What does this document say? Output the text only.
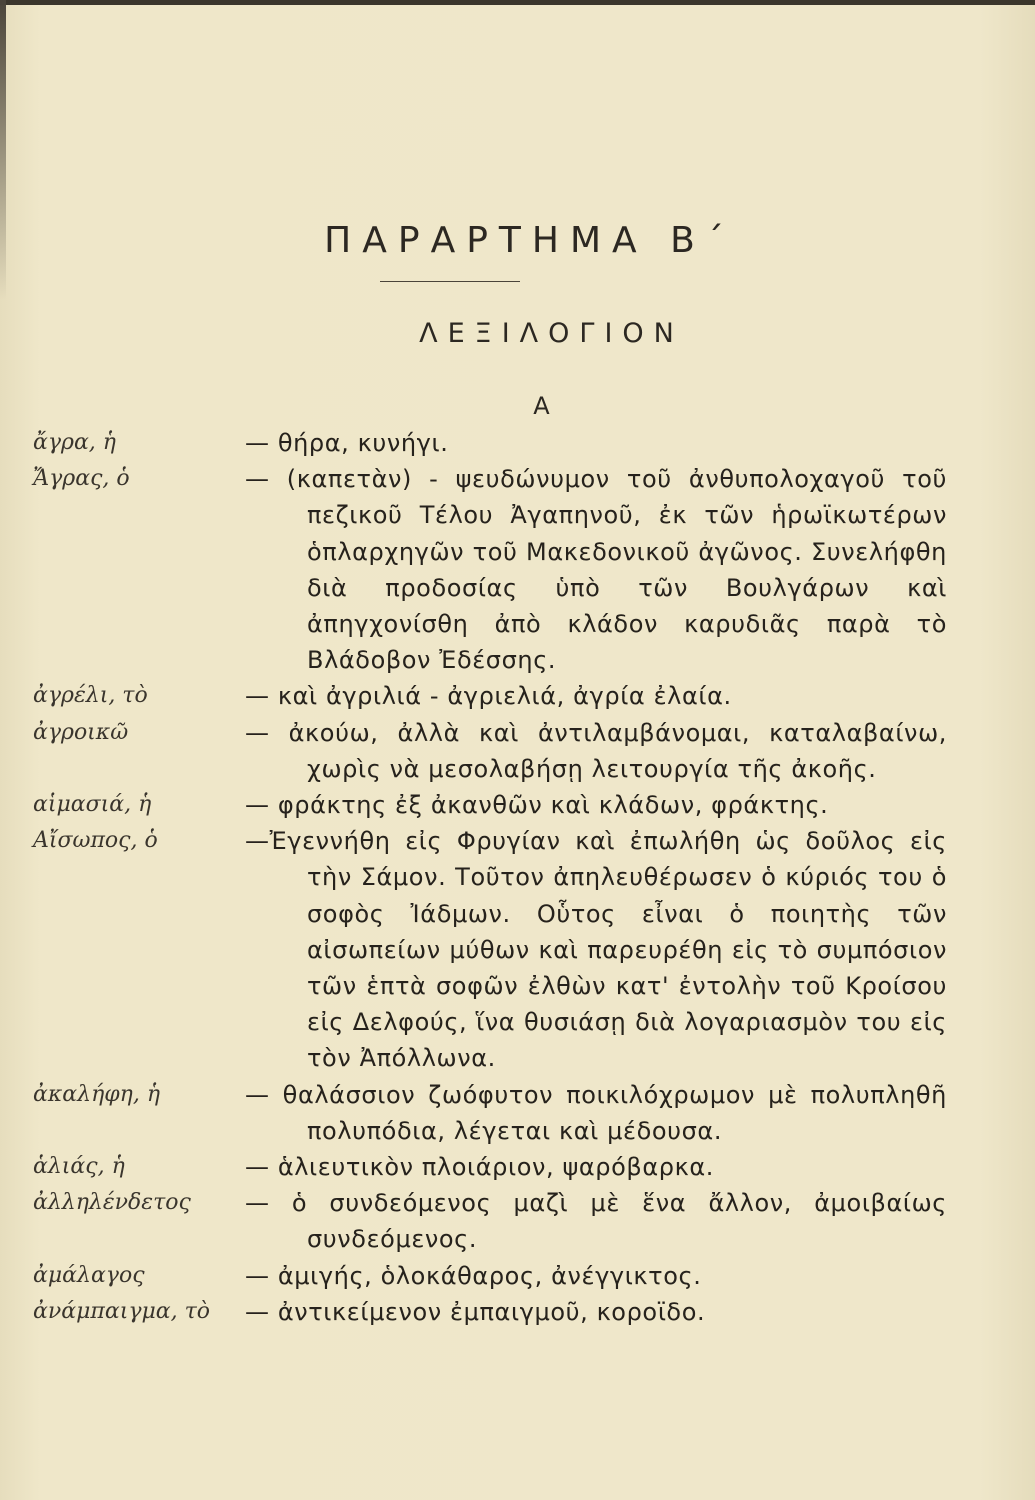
ΠΑΡΑΡΤΗΜΑ Β΄
ΛΕΞΙΛΟΓΙΟΝ
Α
ἄγρα, ἡ	— θήρα, κυνήγι.
Ἄγρας, ὁ	— (καπετὰν) - ψευδώνυμον τοῦ ἀνθυπολοχαγοῦ τοῦ πεζικοῦ Τέλου Ἀγαπηνοῦ, ἐκ τῶν ἡρωϊκωτέρων ὁπλαρχηγῶν τοῦ Μακεδονικοῦ ἀγῶνος. Συνελήφθη διὰ προδοσίας ὑπὸ τῶν Βουλγάρων καὶ ἀπηγχονίσθη ἀπὸ κλάδον καρυδιᾶς παρὰ τὸ Βλάδοβον Ἐδέσσης.
ἀγρέλι, τὸ	— καὶ ἀγριλιά - ἀγριελιά, ἀγρία ἐλαία.
ἀγροικῶ	— ἀκούω, ἀλλὰ καὶ ἀντιλαμβάνομαι, καταλαβαίνω, χωρὶς νὰ μεσολαβήσῃ λειτουργία τῆς ἀκοῆς.
αἱμασιά, ἡ	— φράκτης ἐξ ἀκανθῶν καὶ κλάδων, φράκτης.
Αἴσωπος, ὁ	—Ἐγεννήθη εἰς Φρυγίαν καὶ ἐπωλήθη ὡς δοῦλος εἰς τὴν Σάμον. Τοῦτον ἀπηλευθέρωσεν ὁ κύριός του ὁ σοφὸς Ἰάδμων. Οὗτος εἶναι ὁ ποιητὴς τῶν αἰσωπείων μύθων καὶ παρευρέθη εἰς τὸ συμπόσιον τῶν ἑπτὰ σοφῶν ἐλθὼν κατ' ἐντολὴν τοῦ Κροίσου εἰς Δελφούς, ἵνα θυσιάσῃ διὰ λογαριασμὸν του εἰς τὸν Ἀπόλλωνα.
ἀκαλήφη, ἡ	— θαλάσσιον ζωόφυτον ποικιλόχρωμον μὲ πολυπληθῆ πολυπόδια, λέγεται καὶ μέδουσα.
ἁλιάς, ἡ	— ἁλιευτικὸν πλοιάριον, ψαρόβαρκα.
ἀλληλένδετος — ὁ συνδεόμενος μαζὶ μὲ ἕνα ἄλλον, ἀμοιβαίως συνδεόμενος.
ἀμάλαγος	— ἀμιγής, ὁλοκάθαρος, ἀνέγγικτος.
ἀνάμπαιγμα, τὸ — ἀντικείμενον ἐμπαιγμοῦ, κοροϊδο.
